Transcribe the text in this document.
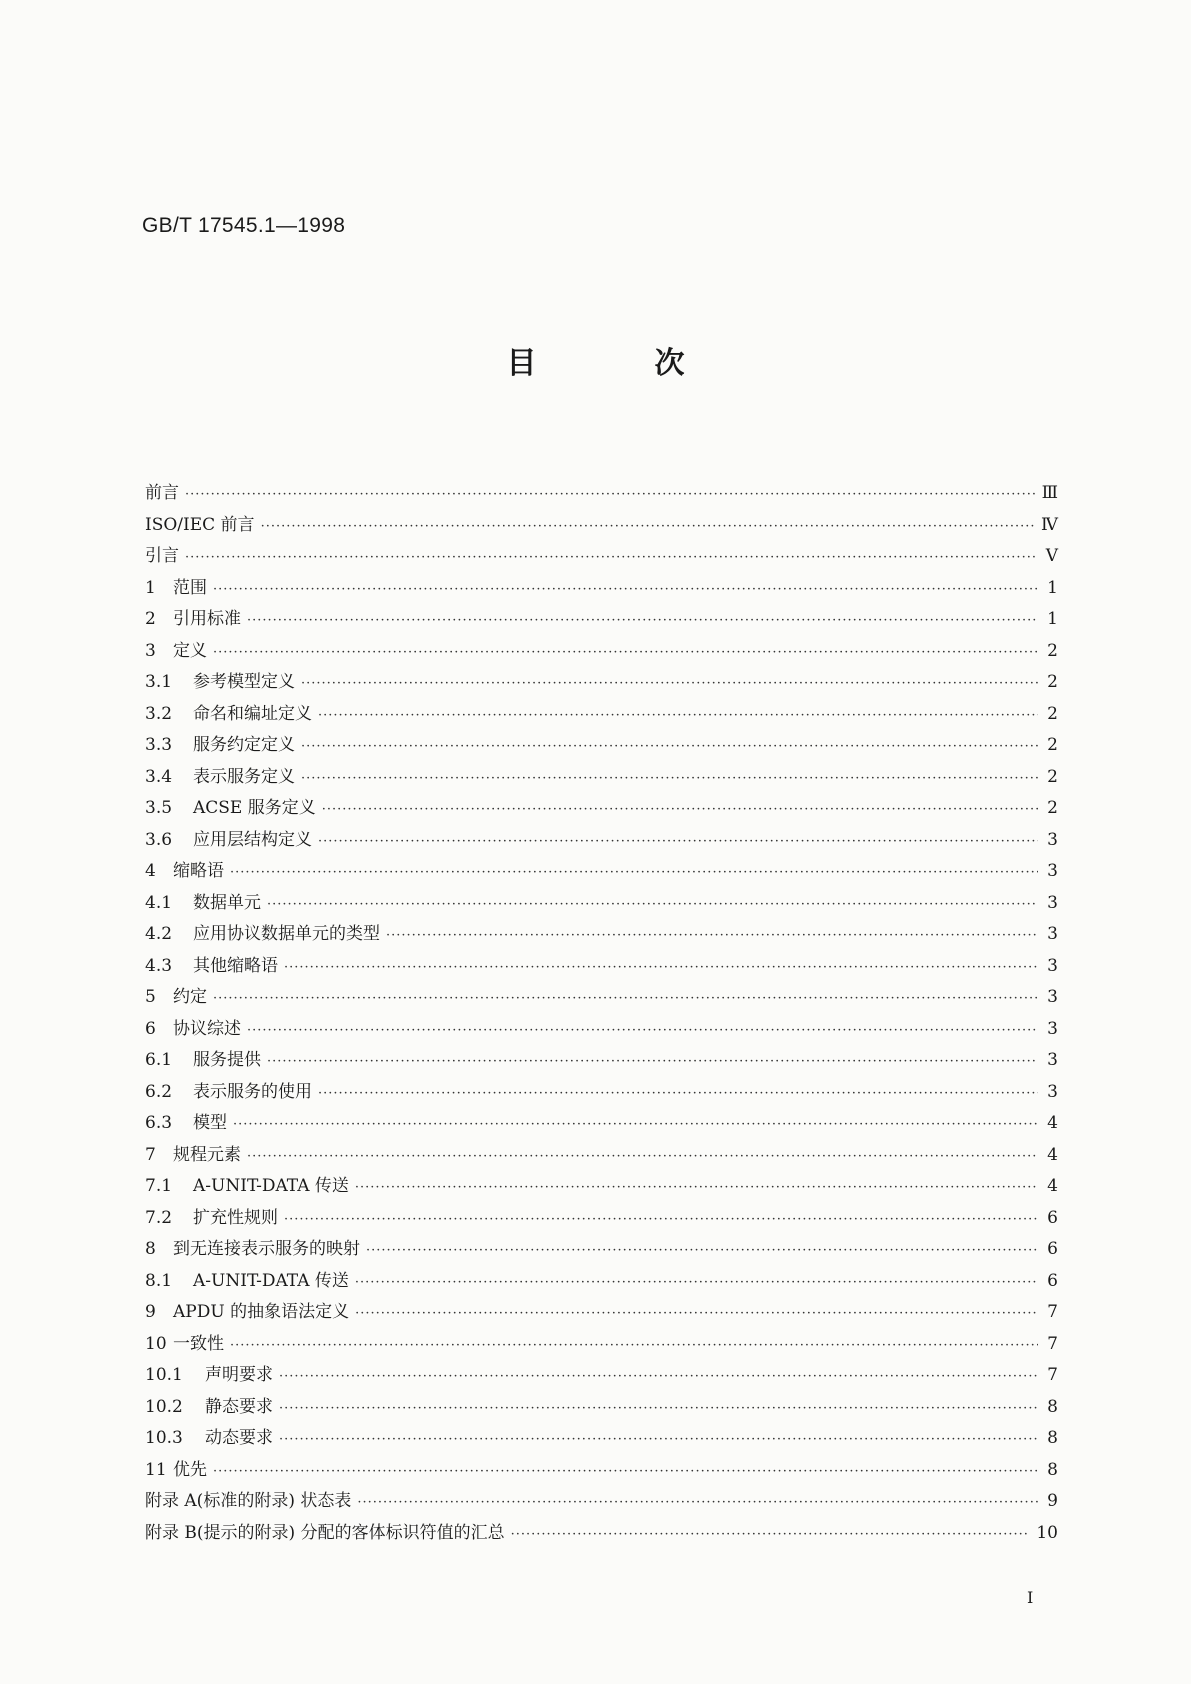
GB/T 17545.1—1998
目	次
前言 ·····	Ⅲ
ISO/IEC 前言 ·····	Ⅳ
引言 ·····	Ⅴ
1	范围 ·····	1
2	引用标准 ·····	1
3	定义 ·····	2
3.1	参考模型定义 ·····	2
3.2	命名和编址定义 ·····	2
3.3	服务约定定义 ·····	2
3.4	表示服务定义 ·····	2
3.5	ACSE 服务定义 ·····	2
3.6	应用层结构定义 ·····	3
4	缩略语 ·····	3
4.1	数据单元 ·····	3
4.2	应用协议数据单元的类型 ·····	3
4.3	其他缩略语 ·····	3
5	约定 ·····	3
6	协议综述 ·····	3
6.1	服务提供 ·····	3
6.2	表示服务的使用 ·····	3
6.3	模型 ·····	4
7	规程元素 ·····	4
7.1	A-UNIT-DATA 传送 ·····	4
7.2	扩充性规则 ·····	6
8	到无连接表示服务的映射 ·····	6
8.1	A-UNIT-DATA 传送 ·····	6
9	APDU 的抽象语法定义 ·····	7
10 一致性 ·····	7
10.1	声明要求 ·····	7
10.2	静态要求 ·····	8
10.3	动态要求 ·····	8
11 优先 ·····	8
附录 A(标准的附录) 状态表 ·····	9
附录 B(提示的附录) 分配的客体标识符值的汇总 ·····	10
I
